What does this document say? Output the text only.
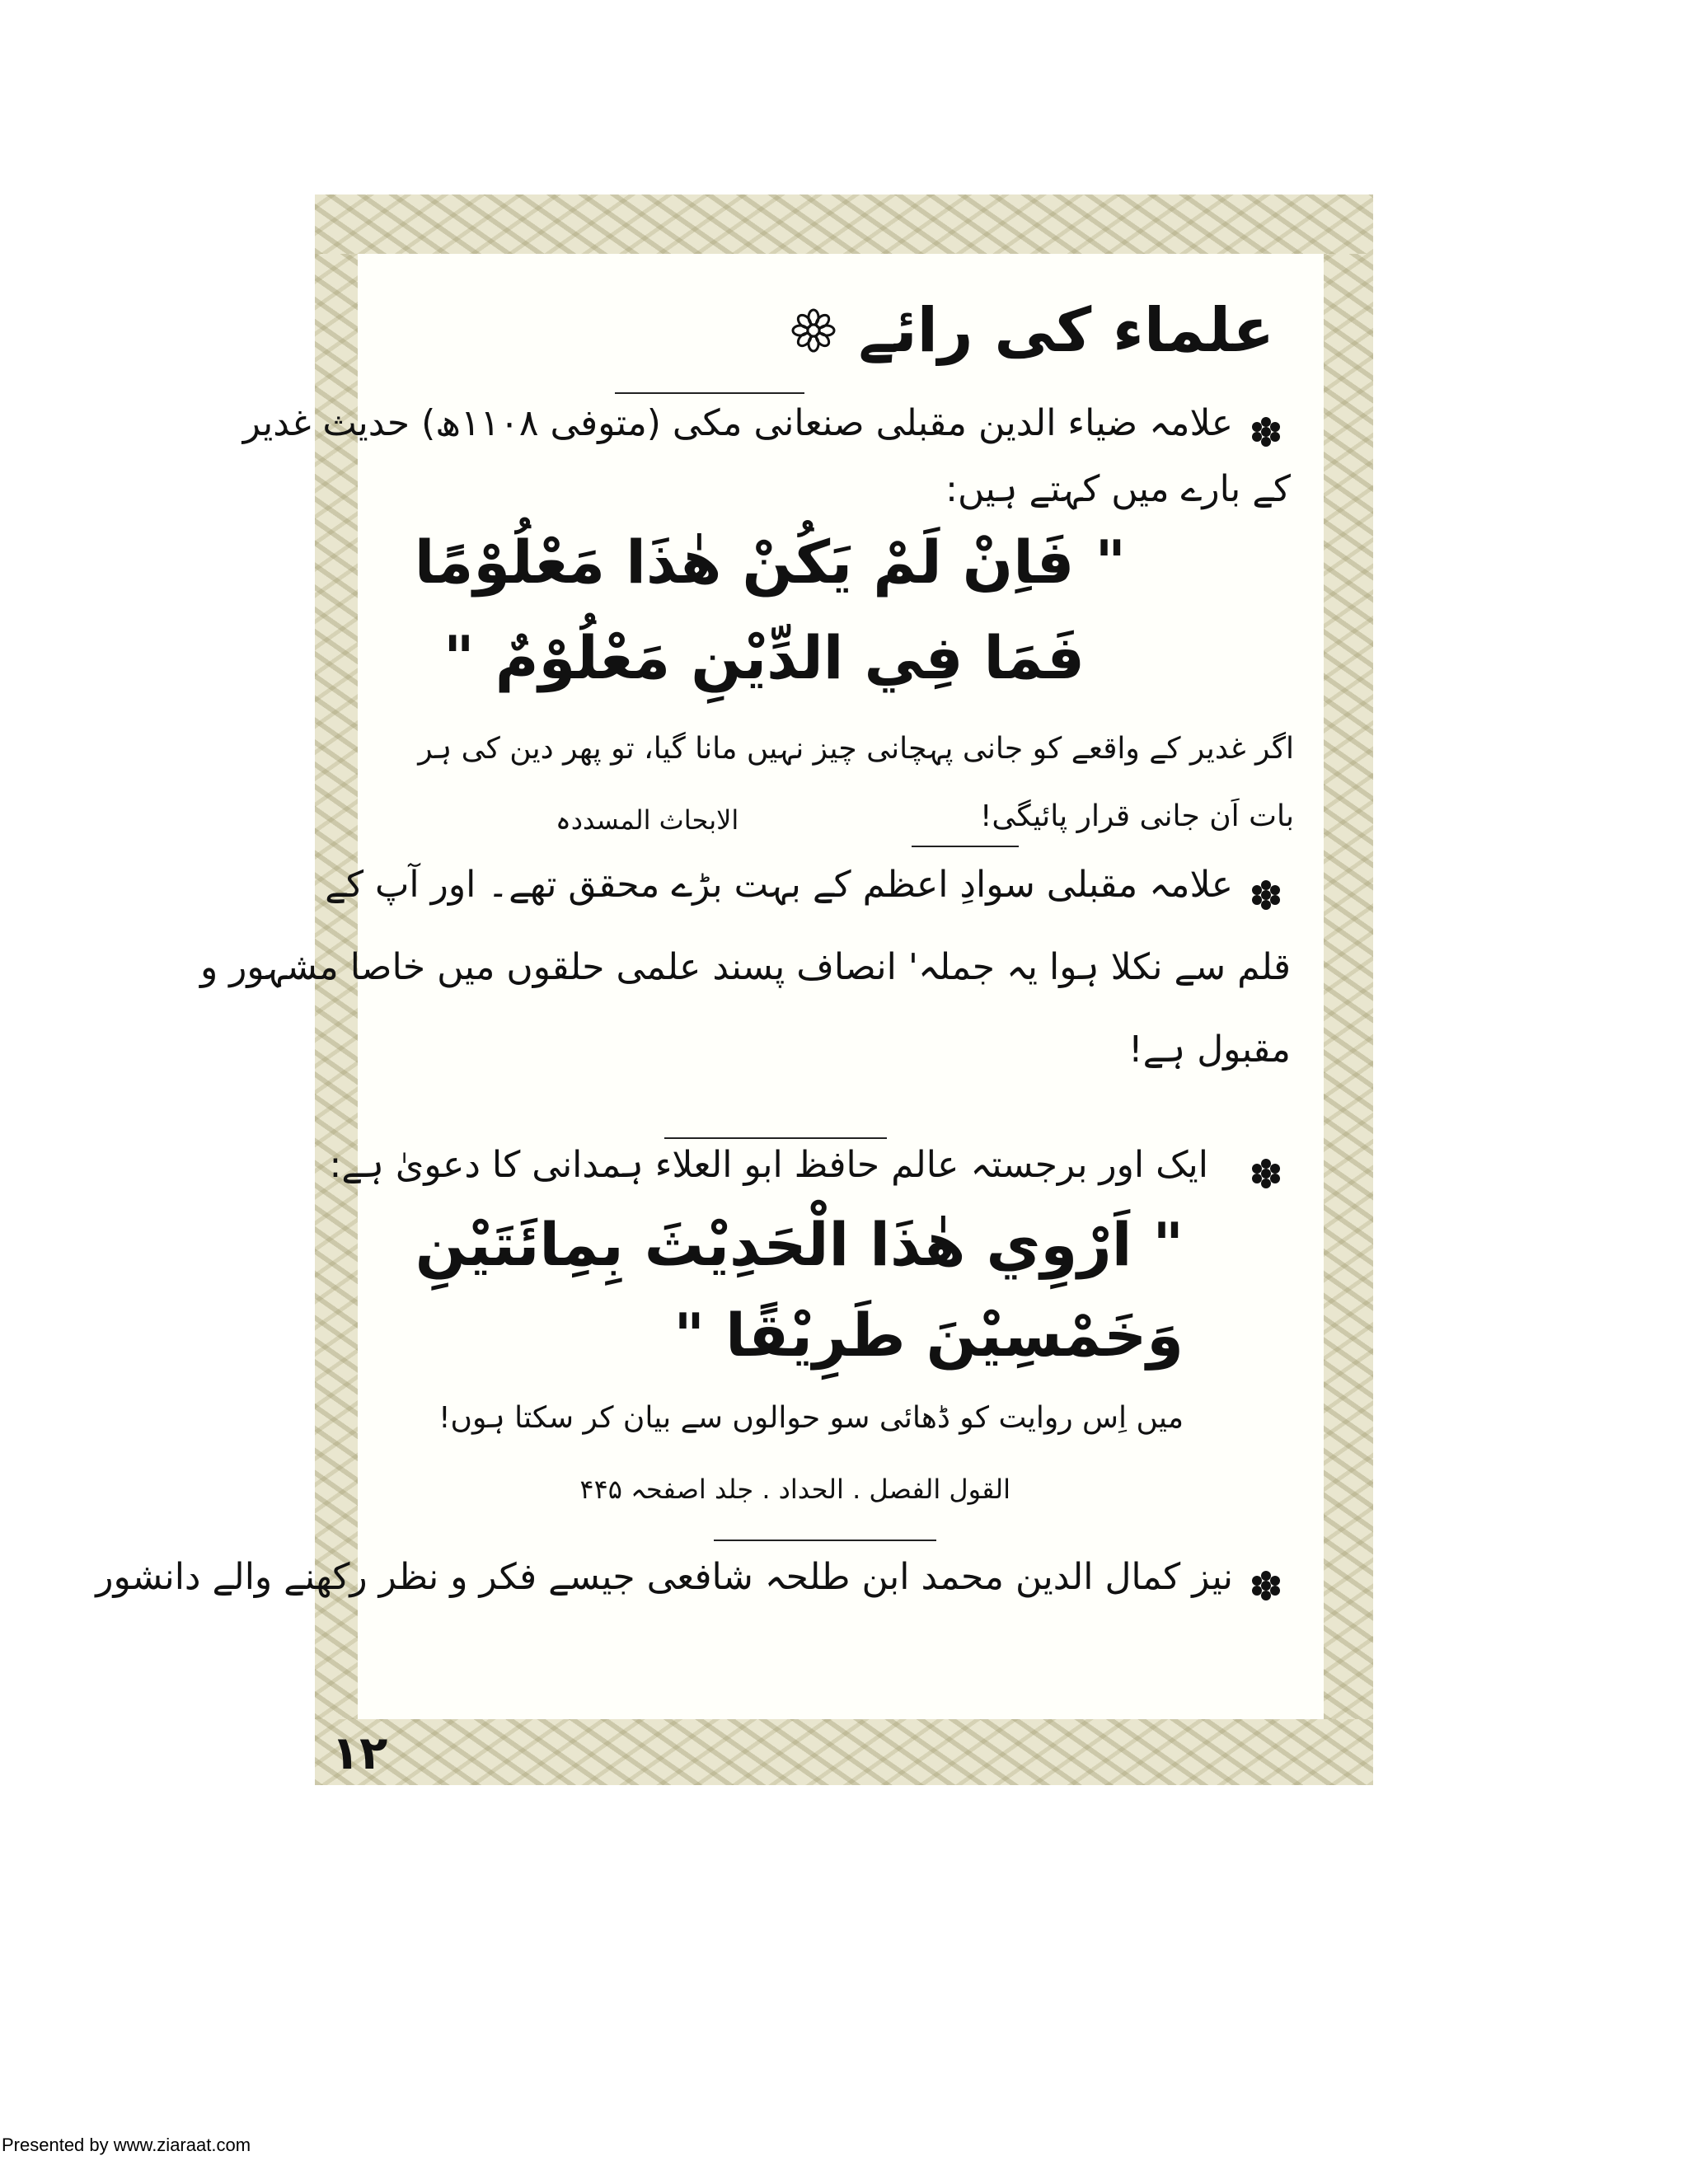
علماء کی رائے
علامہ ضیاء الدین مقبلی صنعانی مکی (متوفی ۱۱۰۸ھ) حدیث غدیر
کے بارے میں کہتے ہیں:
" فَاِنْ لَمْ يَكُنْ هٰذَا مَعْلُوْمًا
فَمَا فِي الدِّيْنِ مَعْلُوْمٌ "
اگر غدیر کے واقعے کو جانی پہچانی چیز نہیں مانا گیا، تو پھر دین کی ہر
بات اَن جانی قرار پائیگی!
الابحاث المسددہ
علامہ مقبلی سوادِ اعظم کے بہت بڑے محقق تھے۔ اور آپ کے
قلم سے نکلا ہوا یہ جملہ' انصاف پسند علمی حلقوں میں خاصا مشہور و
مقبول ہے!
ایک اور برجستہ عالم حافظ ابو العلاء ہمدانی کا دعویٰ ہے:
" اَرْوِي هٰذَا الْحَدِيْثَ بِمِائَتَيْنِ
وَخَمْسِيْنَ طَرِيْقًا "
میں اِس روایت کو ڈھائی سو حوالوں سے بیان کر سکتا ہوں!
القول الفصل . الحداد . جلد اصفحہ ۴۴۵
نیز کمال الدین محمد ابن طلحہ شافعی جیسے فکر و نظر رکھنے والے دانشور
۱۲
Presented by www.ziaraat.com
